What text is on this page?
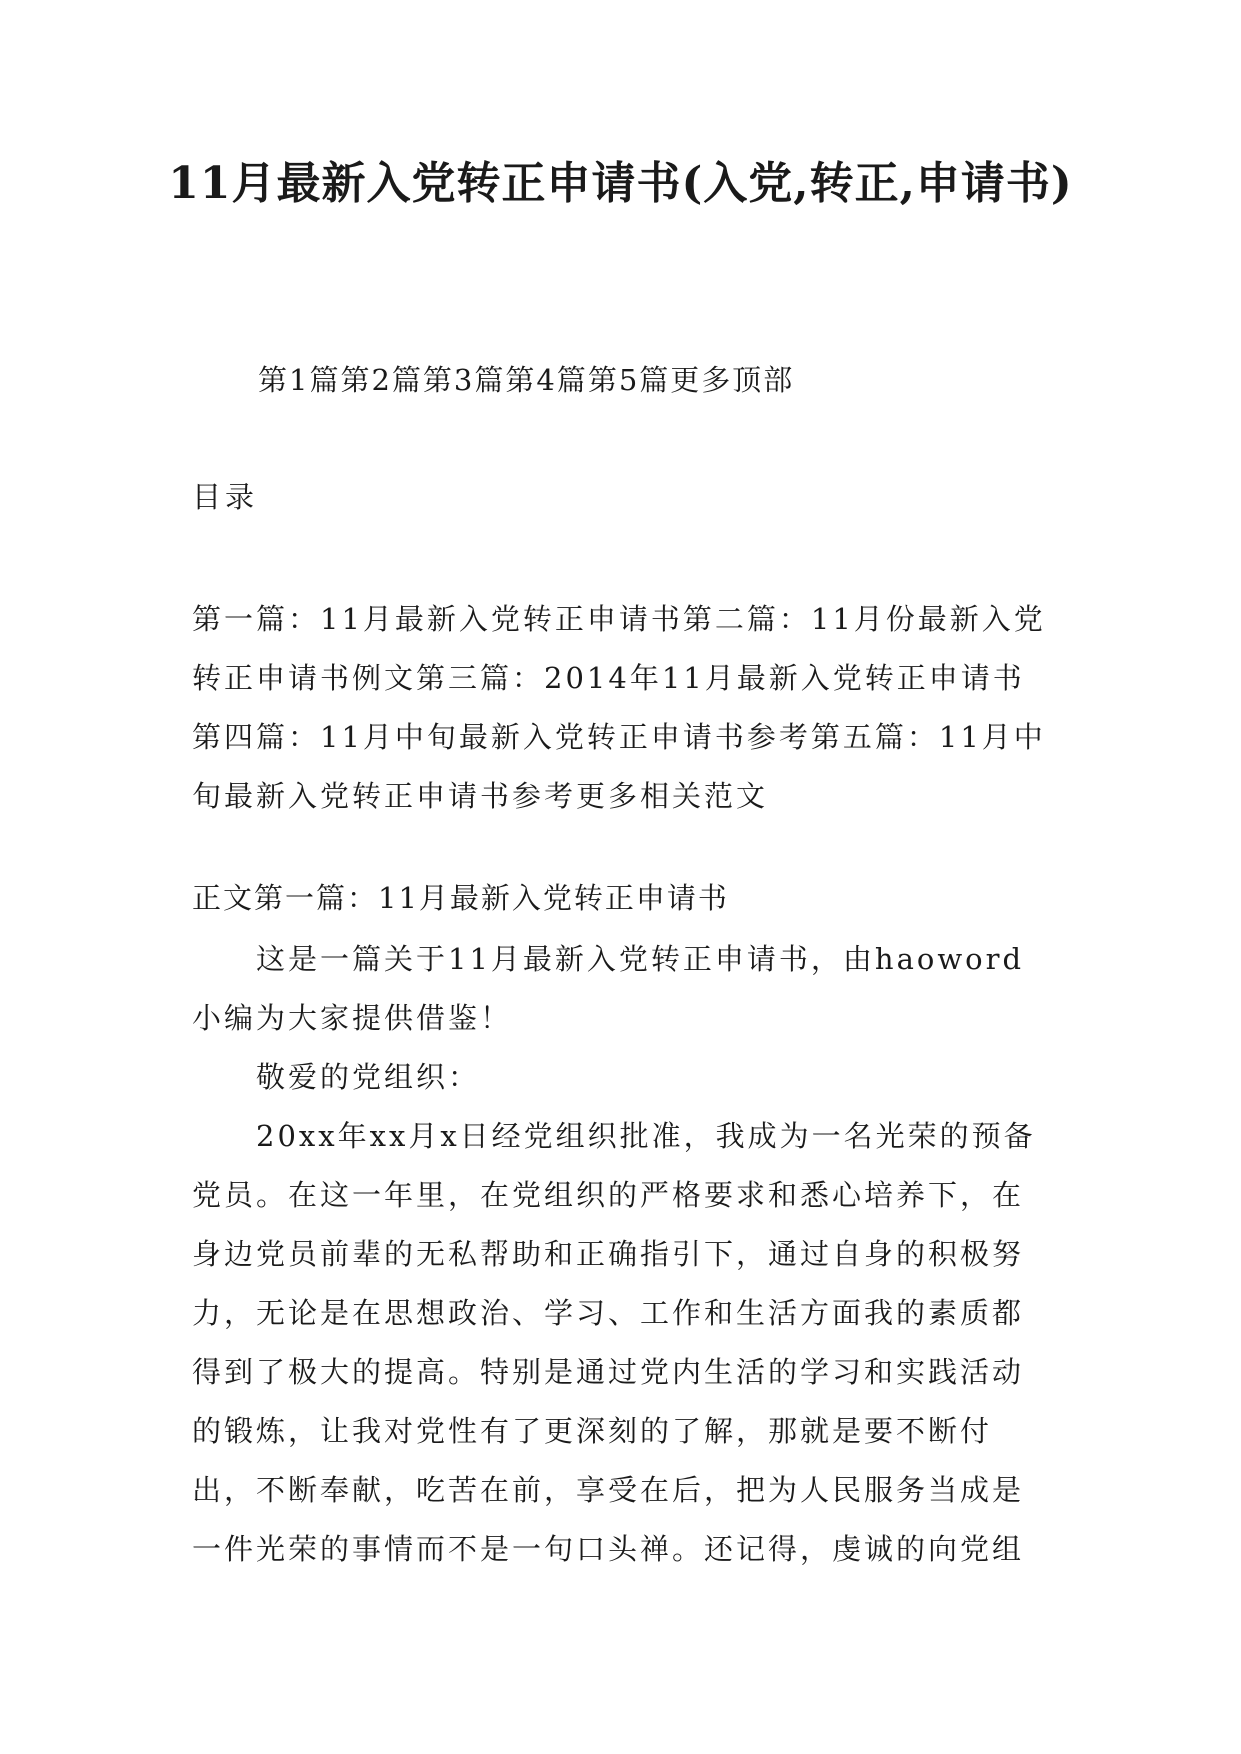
11月最新入党转正申请书(入党,转正,申请书)
第1篇第2篇第3篇第4篇第5篇更多顶部
目录
第一篇：11月最新入党转正申请书第二篇：11月份最新入党转正申请书例文第三篇：2014年11月最新入党转正申请书第四篇：11月中旬最新入党转正申请书参考第五篇：11月中旬最新入党转正申请书参考更多相关范文
正文第一篇：11月最新入党转正申请书

这是一篇关于11月最新入党转正申请书，由haoword小编为大家提供借鉴！

敬爱的党组织：

20xx年xx月x日经党组织批准，我成为一名光荣的预备党员。在这一年里，在党组织的严格要求和悉心培养下，在身边党员前辈的无私帮助和正确指引下，通过自身的积极努力，无论是在思想政治、学习、工作和生活方面我的素质都得到了极大的提高。特别是通过党内生活的学习和实践活动的锻炼，让我对党性有了更深刻的了解，那就是要不断付出，不断奉献，吃苦在前，享受在后，把为人民服务当成是一件光荣的事情而不是一句口头禅。还记得，虔诚的向党组
